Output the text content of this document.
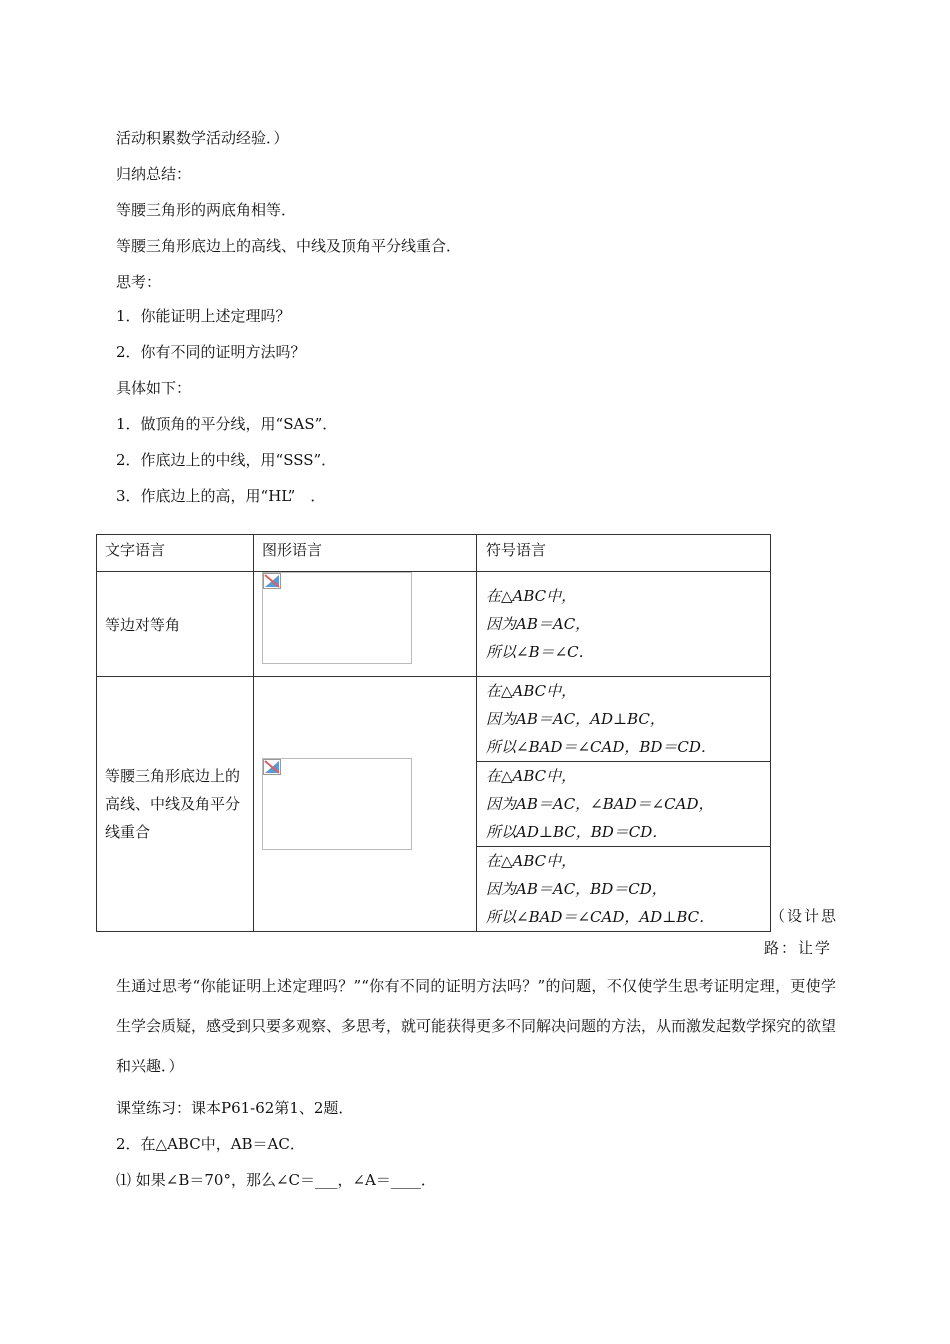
活动积累数学活动经验．）
归纳总结：
等腰三角形的两底角相等．
等腰三角形底边上的高线、中线及顶角平分线重合．
思考：
1．你能证明上述定理吗？
2．你有不同的证明方法吗？
具体如下：
1．做顶角的平分线，用“SAS”．
2．作底边上的中线，用“SSS”．
3．作底边上的高，用“HL”　．
文字语言	图形语言	符号语言

等边对等角		在△ABC中，
因为AB＝AC，
所以∠B＝∠C．

等腰三角形底边上的高线、中线及角平分线重合		在△ABC中，
因为AB＝AC，AD⊥BC，
所以∠BAD＝∠CAD，BD＝CD．

		在△ABC中，
因为AB＝AC，∠BAD＝∠CAD，
所以AD⊥BC，BD＝CD．

		在△ABC中，
因为AB＝AC，BD＝CD，
所以∠BAD＝∠CAD，AD⊥BC．	（设计思
路：让学
生通过思考“你能证明上述定理吗？”“你有不同的证明方法吗？”的问题，不仅使学生思考证明定理，更使学生学会质疑，感受到只要多观察、多思考，就可能获得更多不同解决问题的方法，从而激发起数学探究的欲望和兴趣．）
课堂练习：课本P61-62第1、2题．
2．在△ABC中，AB＝AC．
⑴ 如果∠B＝70°，那么∠C＝___，∠A＝____．
